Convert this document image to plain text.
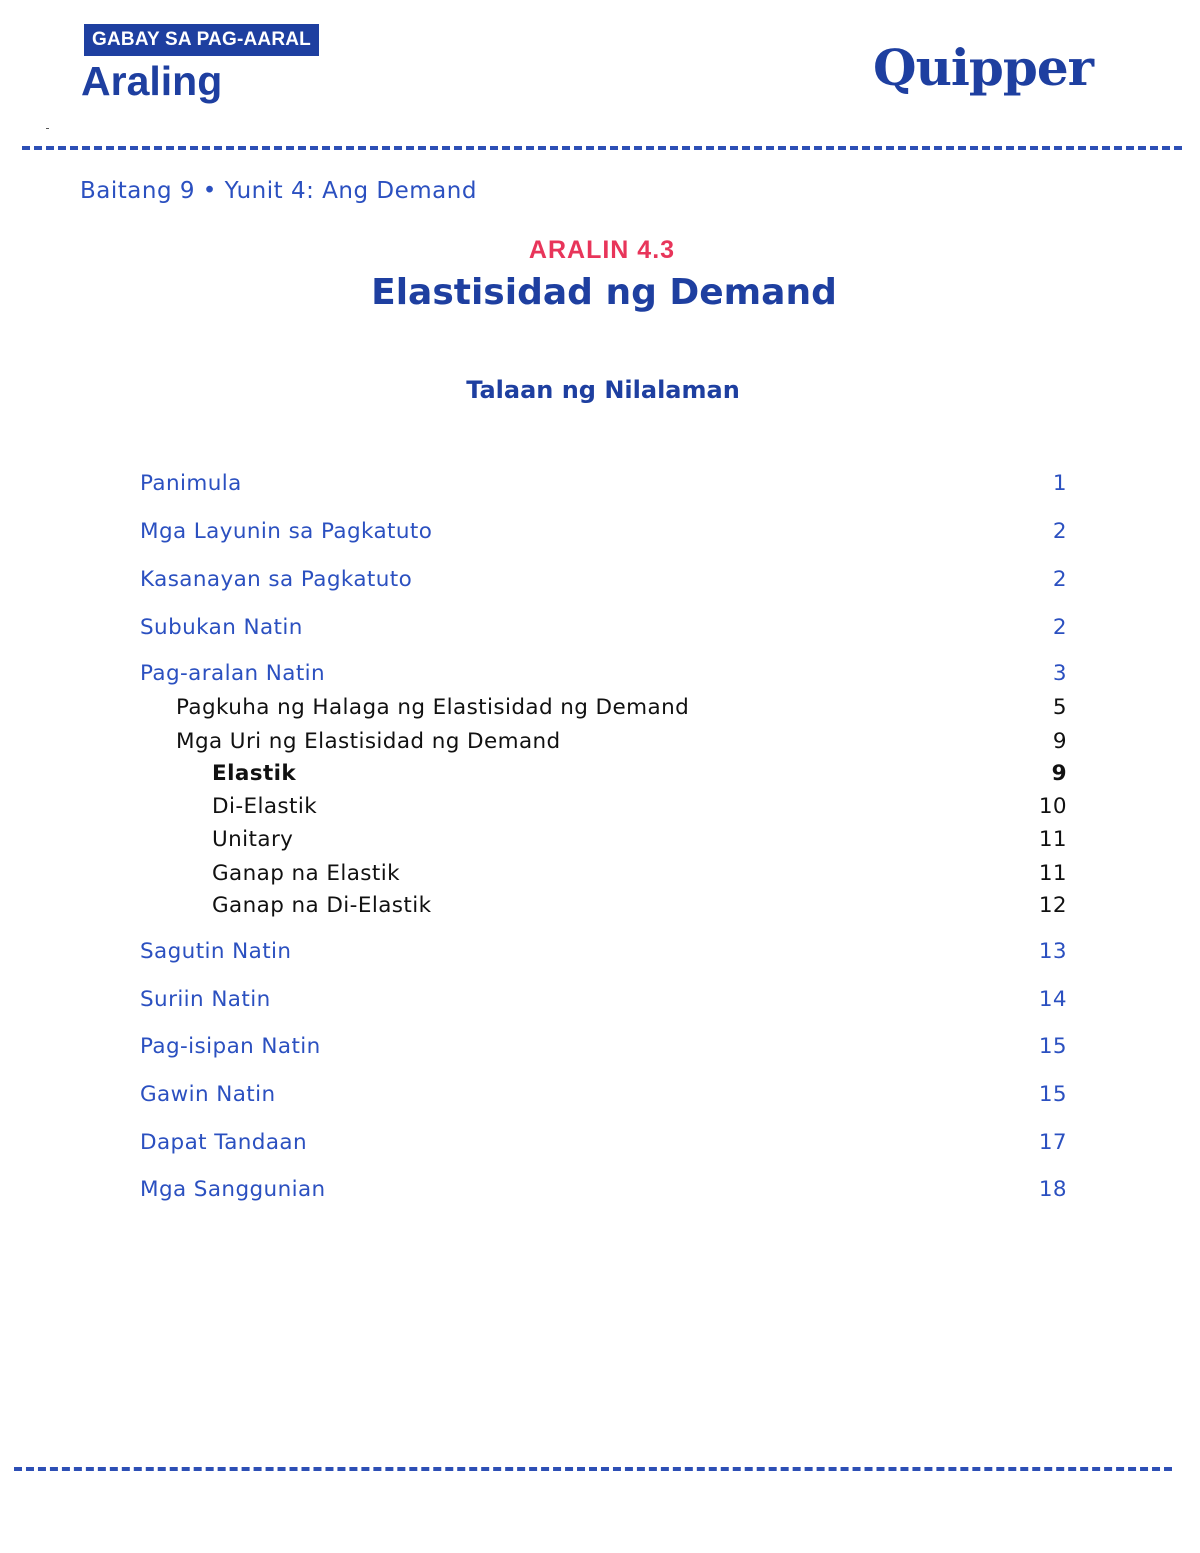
GABAY SA PAG-AARAL
Araling	Quipper
Baitang 9 • Yunit 4: Ang Demand
ARALIN 4.3
Elastisidad ng Demand
Talaan ng Nilalaman
Panimula	1
Mga Layunin sa Pagkatuto	2
Kasanayan sa Pagkatuto	2
Subukan Natin	2
Pag-aralan Natin	3
Pagkuha ng Halaga ng Elastisidad ng Demand	5
Mga Uri ng Elastisidad ng Demand	9
Elastik	9
Di-Elastik	10
Unitary	11
Ganap na Elastik	11
Ganap na Di-Elastik	12
Sagutin Natin	13
Suriin Natin	14
Pag-isipan Natin	15
Gawin Natin	15
Dapat Tandaan	17
Mga Sanggunian	18
